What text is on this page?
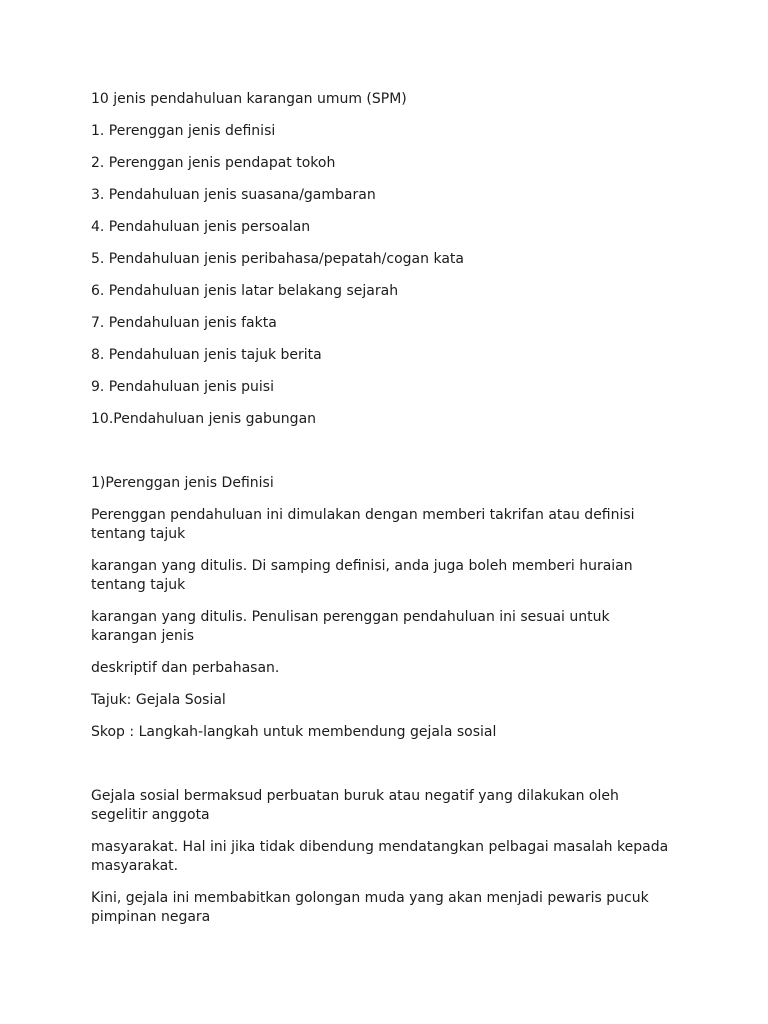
10 jenis pendahuluan karangan umum (SPM)

1. Perenggan jenis definisi

2. Perenggan jenis pendapat tokoh

3. Pendahuluan jenis suasana/gambaran

4. Pendahuluan jenis persoalan

5. Pendahuluan jenis peribahasa/pepatah/cogan kata

6. Pendahuluan jenis latar belakang sejarah

7. Pendahuluan jenis fakta

8. Pendahuluan jenis tajuk berita

9. Pendahuluan jenis puisi

10.Pendahuluan jenis gabungan

1)Perenggan jenis Definisi

Perenggan pendahuluan ini dimulakan dengan memberi takrifan atau definisi tentang tajuk

karangan yang ditulis. Di samping definisi, anda juga boleh memberi huraian tentang tajuk

karangan yang ditulis. Penulisan perenggan pendahuluan ini sesuai untuk karangan jenis

deskriptif dan perbahasan.

Tajuk: Gejala Sosial

Skop : Langkah-langkah untuk membendung gejala sosial

Gejala sosial bermaksud perbuatan buruk atau negatif yang dilakukan oleh segelitir anggota

masyarakat. Hal ini jika tidak dibendung mendatangkan pelbagai masalah kepada masyarakat.

Kini, gejala ini membabitkan golongan muda yang akan menjadi pewaris pucuk pimpinan negara
